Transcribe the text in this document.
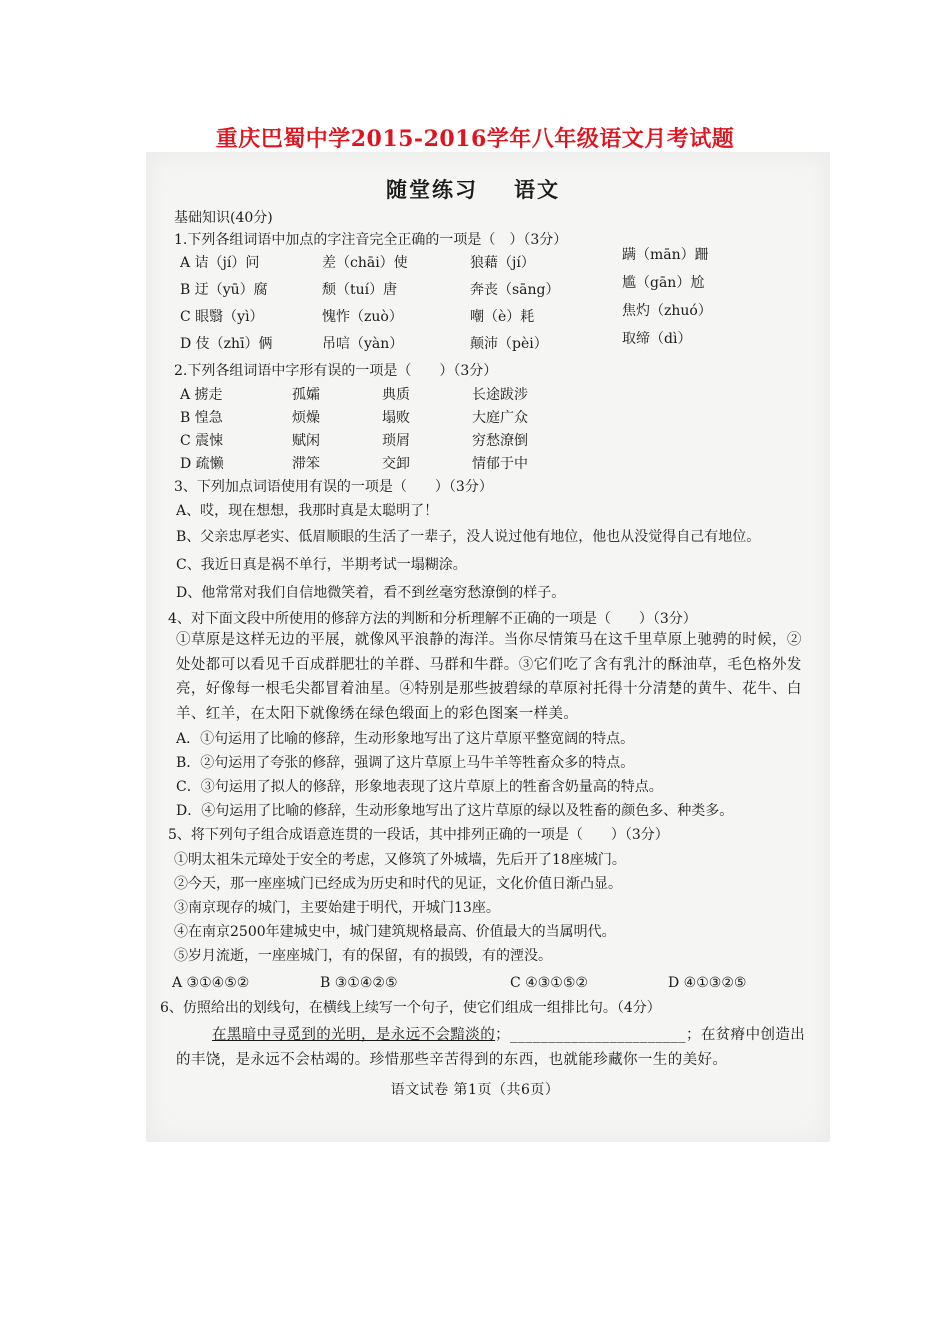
重庆巴蜀中学2015-2016学年八年级语文月考试题
随堂练习 语文
基础知识(40分)
1.下列各组词语中加点的字注音完全正确的一项是（　）（3分）
A 诘（jí）问	差（chāi）使	狼藉（jí）	蹒（mān）跚
B 迂（yū）腐	颓（tuí）唐	奔丧（sāng）	尴（gān）尬
C 眼翳（yì）	愧怍（zuò）	嘲（è）耗	焦灼（zhuó）
D 伎（zhī）俩	吊唁（yàn）	颠沛（pèi）	取缔（dì）
2.下列各组词语中字形有误的一项是（　　）（3分）
A 掳走	孤孀	典质	长途跋涉
B 惶急	烦燥	塌败	大庭广众
C 震悚	赋闲	琐屑	穷愁潦倒
D 疏懒	滞笨	交卸	情郁于中
3、下列加点词语使用有误的一项是（　　）（3分）
A、哎，现在想想，我那时真是太聪明了！
B、父亲忠厚老实、低眉顺眼的生活了一辈子，没人说过他有地位，他也从没觉得自己有地位。
C、我近日真是祸不单行，半期考试一塌糊涂。
D、他常常对我们自信地微笑着，看不到丝毫穷愁潦倒的样子。
4、对下面文段中所使用的修辞方法的判断和分析理解不正确的一项是（　　）（3分）
①草原是这样无边的平展，就像风平浪静的海洋。当你尽情策马在这千里草原上驰骋的时候，②处处都可以看见千百成群肥壮的羊群、马群和牛群。③它们吃了含有乳汁的酥油草，毛色格外发亮，好像每一根毛尖都冒着油星。④特别是那些披碧绿的草原衬托得十分清楚的黄牛、花牛、白羊、红羊，在太阳下就像绣在绿色缎面上的彩色图案一样美。
A．①句运用了比喻的修辞，生动形象地写出了这片草原平整宽阔的特点。
B．②句运用了夸张的修辞，强调了这片草原上马牛羊等牲畜众多的特点。
C．③句运用了拟人的修辞，形象地表现了这片草原上的牲畜含奶量高的特点。
D．④句运用了比喻的修辞，生动形象地写出了这片草原的绿以及牲畜的颜色多、种类多。
5、将下列句子组合成语意连贯的一段话，其中排列正确的一项是（　　）（3分）
①明太祖朱元璋处于安全的考虑，又修筑了外城墙，先后开了18座城门。
②今天，那一座座城门已经成为历史和时代的见证，文化价值日渐凸显。
③南京现存的城门，主要始建于明代，开城门13座。
④在南京2500年建城史中，城门建筑规格最高、价值最大的当属明代。
⑤岁月流逝，一座座城门，有的保留，有的损毁，有的湮没。
A ③①④⑤②	B ③①④②⑤	C ④③①⑤②	D ④①③②⑤
6、仿照给出的划线句，在横线上续写一个句子，使它们组成一组排比句。（4分）
在黑暗中寻觅到的光明，是永远不会黯淡的；_______________________；在贫瘠中创造出的丰饶，是永远不会枯竭的。珍惜那些辛苦得到的东西，也就能珍藏你一生的美好。
语文试卷 第1页（共6页）
